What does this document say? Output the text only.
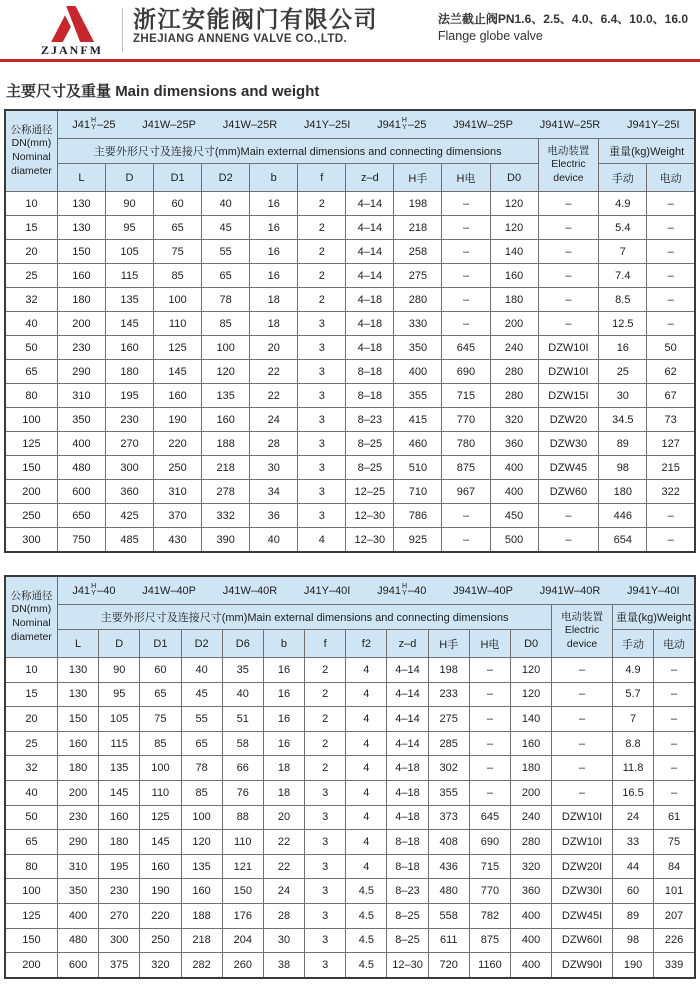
ZJANFM
浙江安能阀门有限公司
ZHEJIANG ANNENG VALVE CO.,LTD.
法兰截止阀PN1.6、2.5、4.0、6.4、10.0、16.0
Flange globe valve
主要尺寸及重量 Main dimensions and weight
公称通径
DN(mm)
Nominal
diameter

J41 H
Y –25 J41W–25P J41W–25R J41Y–25I J941 H
Y –25 J941W–25P J941W–25R J941Y–25I

	主要外形尺寸及连接尺寸(mm)Main external dimensions and connecting dimensions										电动装置
Electric
device	重量(kg)Weight	
	L	D	D1	D2	b	f	z–d	H手	H电	D0		手动	电动
10	130	90	60	40	16	2	4–14	198	–	120	–	4.9	–
15	130	95	65	45	16	2	4–14	218	–	120	–	5.4	–
20	150	105	75	55	16	2	4–14	258	–	140	–	7	–
25	160	115	85	65	16	2	4–14	275	–	160	–	7.4	–
32	180	135	100	78	18	2	4–18	280	–	180	–	8.5	–
40	200	145	110	85	18	3	4–18	330	–	200	–	12.5	–
50	230	160	125	100	20	3	4–18	350	645	240	DZW10I	16	50
65	290	180	145	120	22	3	8–18	400	690	280	DZW10I	25	62
80	310	195	160	135	22	3	8–18	355	715	280	DZW15I	30	67
100	350	230	190	160	24	3	8–23	415	770	320	DZW20	34.5	73
125	400	270	220	188	28	3	8–25	460	780	360	DZW30	89	127
150	480	300	250	218	30	3	8–25	510	875	400	DZW45	98	215
200	600	360	310	278	34	3	12–25	710	967	400	DZW60	180	322
250	650	425	370	332	36	3	12–30	786	–	450	–	446	–
300	750	485	430	390	40	4	12–30	925	–	500	–	654	–
公称通径
DN(mm)
Nominal
diameter

J41 H
Y –40 J41W–40P J41W–40R J41Y–40I J941 H
Y –40 J941W–40P J941W–40R J941Y–40I

	主要外形尺寸及连接尺寸(mm)Main external dimensions and connecting dimensions												电动装置
Electric
device	重量(kg)Weight	
	L	D	D1	D2	D6	b	f	f2	z–d	H手	H电	D0		手动	电动
10	130	90	60	40	35	16	2	4	4–14	198	–	120	–	4.9	–
15	130	95	65	45	40	16	2	4	4–14	233	–	120	–	5.7	–
20	150	105	75	55	51	16	2	4	4–14	275	–	140	–	7	–
25	160	115	85	65	58	16	2	4	4–14	285	–	160	–	8.8	–
32	180	135	100	78	66	18	2	4	4–18	302	–	180	–	11.8	–
40	200	145	110	85	76	18	3	4	4–18	355	–	200	–	16.5	–
50	230	160	125	100	88	20	3	4	4–18	373	645	240	DZW10I	24	61
65	290	180	145	120	110	22	3	4	8–18	408	690	280	DZW10I	33	75
80	310	195	160	135	121	22	3	4	8–18	436	715	320	DZW20I	44	84
100	350	230	190	160	150	24	3	4.5	8–23	480	770	360	DZW30I	60	101
125	400	270	220	188	176	28	3	4.5	8–25	558	782	400	DZW45I	89	207
150	480	300	250	218	204	30	3	4.5	8–25	611	875	400	DZW60I	98	226
200	600	375	320	282	260	38	3	4.5	12–30	720	1160	400	DZW90I	190	339
